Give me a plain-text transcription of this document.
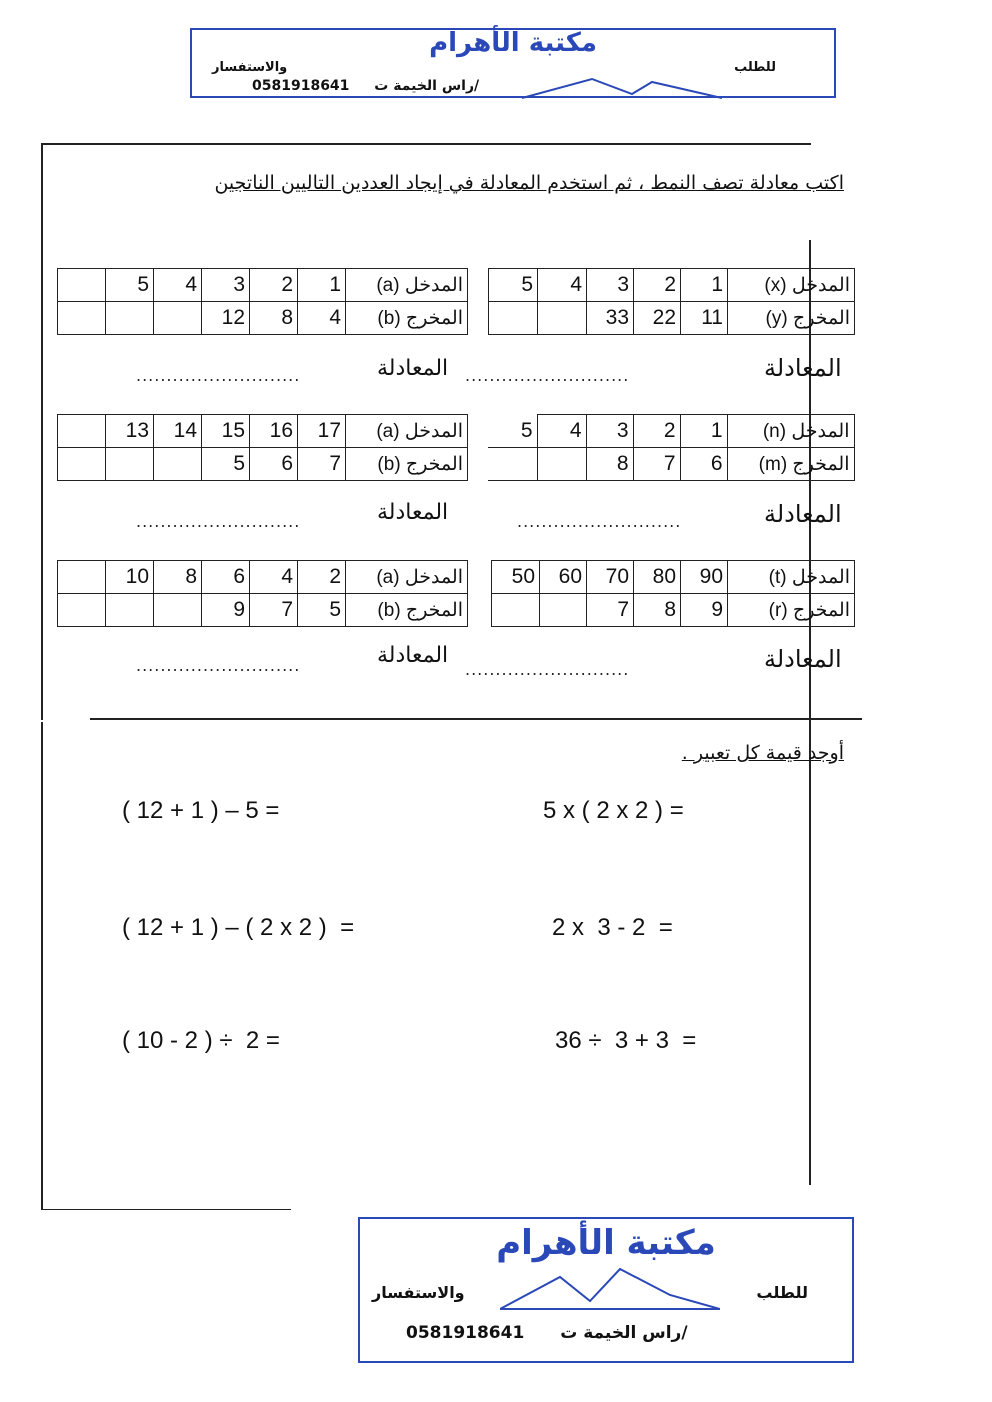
مكتبة الأهرام
للطلب
والاستفسار
0581918641 راس الخيمة ت/
اكتب معادلة تصف النمط ، ثم استخدم المعادلة في إيجاد العددين التاليين الناتجين
5	4	3	2	1	المدخل (x)
		33	22	11	المخرج (y)
	5	4	3	2	1	المدخل (a)
			12	8	4	المخرج (b)
المعادلة
...........................
المعادلة
...........................
5	4	3	2	1	المدخل (n)
		8	7	6	المخرج (m)
	13	14	15	16	17	المدخل (a)
			5	6	7	المخرج (b)
المعادلة
...........................
المعادلة
...........................
50	60	70	80	90	المدخل (t)
		7	8	9	المخرج (r)
	10	8	6	4	2	المدخل (a)
			9	7	5	المخرج (b)
المعادلة
...........................
المعادلة
...........................
أوجد قيمة كل تعبير .
5 x ( 2 x 2 ) =
( 12 + 1 ) – 5 =
2 x  3 - 2  =
( 12 + 1 ) – ( 2 x 2 )  =
36 ÷  3 + 3  =
( 10 - 2 ) ÷  2 =
مكتبة الأهرام
للطلب
والاستفسار
0581918641 راس الخيمة ت/
